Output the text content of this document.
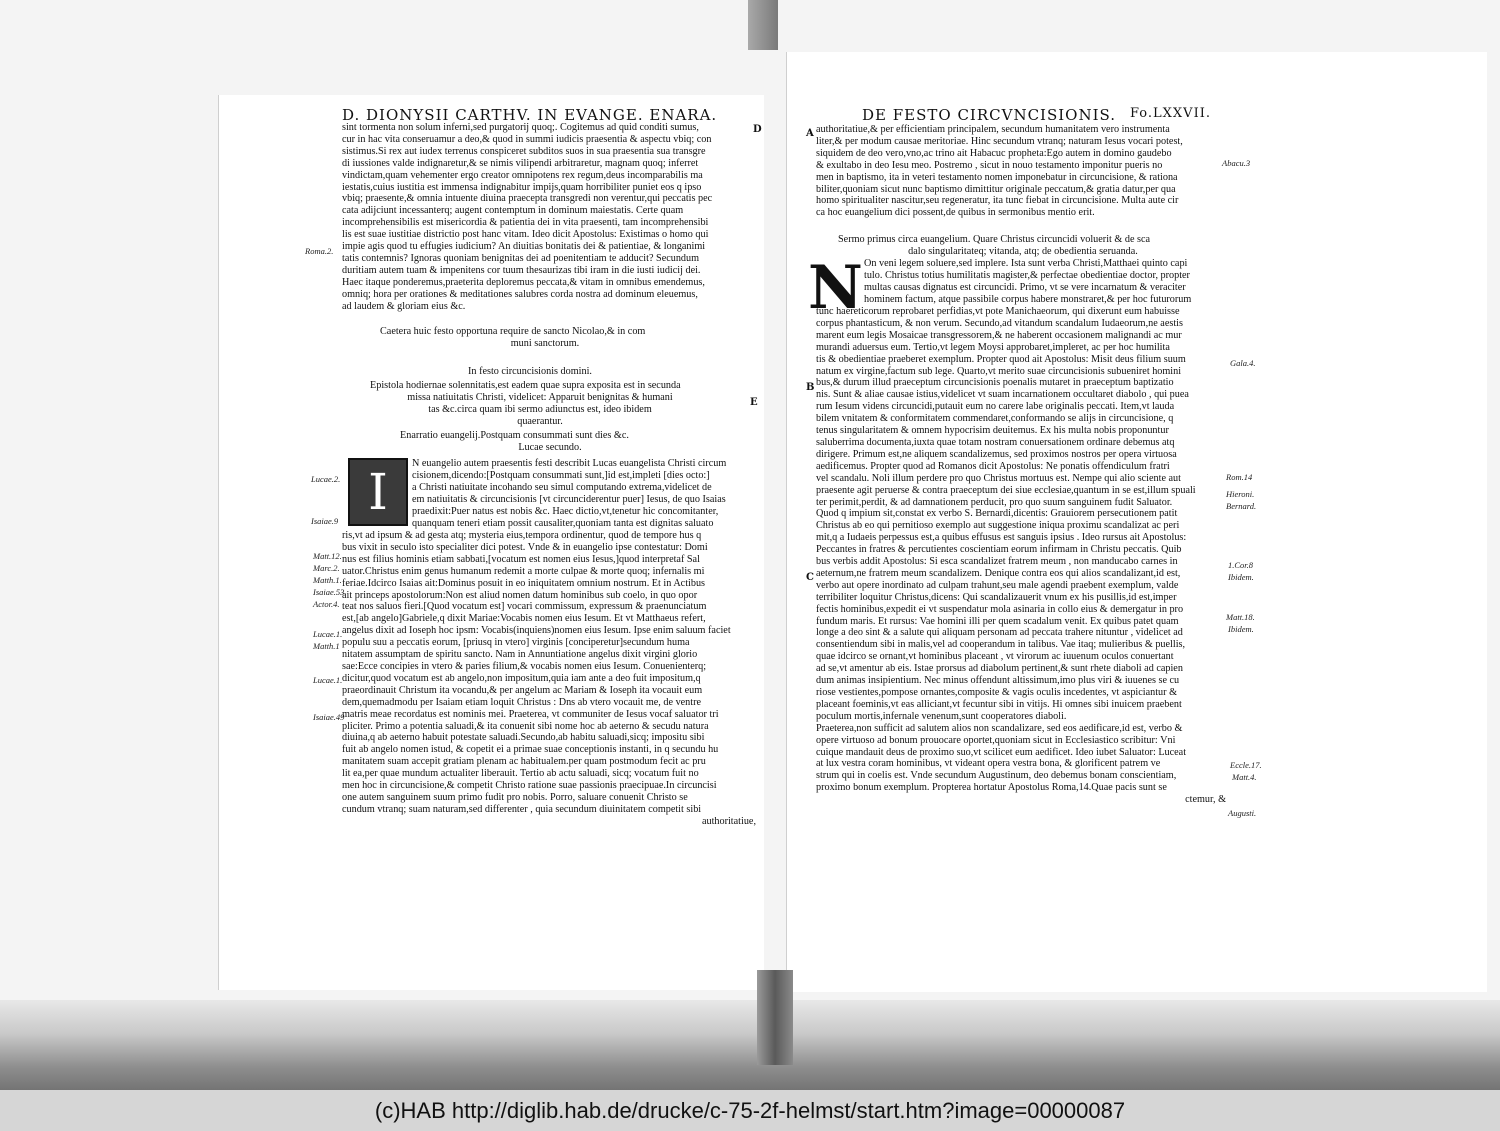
D. DIONYSII CARTHV. IN EVANGE. ENARA.
D
E
sint tormenta non solum inferni,sed purgatorij quoq;. Cogitemus ad quid conditi sumus,
cur in hac vita conseruamur a deo,& quod in summi iudicis praesentia & aspectu vbiq; con
sistimus.Si rex aut iudex terrenus conspiceret subditos suos in sua praesentia sua transgre
di iussiones valde indignaretur,& se nimis vilipendi arbitraretur, magnam quoq; inferret
vindictam,quam vehementer ergo creator omnipotens rex regum,deus incomparabilis ma
iestatis,cuius iustitia est immensa indignabitur impijs,quam horribiliter puniet eos q ipso
vbiq; praesente,& omnia intuente diuina praecepta transgredi non verentur,qui peccatis pec
cata adijciunt incessanterq; augent contemptum in dominum maiestatis. Certe quam
incomprehensibilis est misericordia & patientia dei in vita praesenti, tam incomprehensibi
lis est suae iustitiae districtio post hanc vitam. Ideo dicit Apostolus: Existimas o homo qui
impie agis quod tu effugies iudicium? An diuitias bonitatis dei & patientiae, & longanimi
tatis contemnis? Ignoras quoniam benignitas dei ad poenitentiam te adducit? Secundum
duritiam autem tuam & impenitens cor tuum thesaurizas tibi iram in die iusti iudicij dei.
Haec itaque ponderemus,praeterita deploremus peccata,& vitam in omnibus emendemus,
omniq; hora per orationes & meditationes salubres corda nostra ad dominum eleuemus,
ad laudem & gloriam eius &c.
Caetera huic festo opportuna require de sancto Nicolao,& in com
muni sanctorum.
In festo circuncisionis domini.
Epistola hodiernae solennitatis,est eadem quae supra exposita est in secunda
missa natiuitatis Christi, videlicet: Apparuit benignitas & humani
tas &c.circa quam ibi sermo adiunctus est, ideo ibidem
quaerantur.
Enarratio euangelij.Postquam consummati sunt dies &c.
Lucae secundo.
I	N euangelio autem praesentis festi describit Lucas euangelista Christi circum
cisionem,dicendo:[Postquam consummati sunt,]id est,impleti [dies octo:]
a Christi natiuitate incohando seu simul computando extrema,videlicet de
em natiuitatis & circuncisionis [vt circunciderentur puer] Iesus, de quo Isaias
praedixit:Puer natus est nobis &c. Haec dictio,vt,tenetur hic concomitanter,
quanquam teneri etiam possit causaliter,quoniam tanta est dignitas saluato
ris,vt ad ipsum & ad gesta atq; mysteria eius,tempora ordinentur, quod de tempore hus q
bus vixit in seculo isto specialiter dici potest. Vnde & in euangelio ipse contestatur: Domi
nus est filius hominis etiam sabbati,[vocatum est nomen eius Iesus,]quod interpretaf Sal
uator.Christus enim genus humanum redemit a morte culpae & morte quoq; infernalis mi
feriae.Idcirco Isaias ait:Dominus posuit in eo iniquitatem omnium nostrum. Et in Actibus
ait princeps apostolorum:Non est aliud nomen datum hominibus sub coelo, in quo opor
teat nos saluos fieri.[Quod vocatum est] vocari commissum, expressum & praenunciatum
est,[ab angelo]Gabriele,q dixit Mariae:Vocabis nomen eius Iesum. Et vt Matthaeus refert,
angelus dixit ad Ioseph hoc ipsm: Vocabis(inquiens)nomen eius Iesum. Ipse enim saluum faciet
populu suu a peccatis eorum, [priusq in vtero] virginis [conciperetur]secundum huma
nitatem assumptam de spiritu sancto. Nam in Annuntiatione angelus dixit virgini glorio
sae:Ecce concipies in vtero & paries filium,& vocabis nomen eius Iesum. Conuenienterq;
dicitur,quod vocatum est ab angelo,non impositum,quia iam ante a deo fuit impositum,q
praeordinauit Christum ita vocandu,& per angelum ac Mariam & Ioseph ita vocauit eum
dem,quemadmodu per Isaiam etiam loquit Christus : Dns ab vtero vocauit me, de ventre
matris meae recordatus est nominis mei. Praeterea, vt communiter de Iesus vocaf saluator tri
pliciter. Primo a potentia saluadi,& ita conuenit sibi nome hoc ab aeterno & secudu natura
diuina,q ab aeterno habuit potestate saluadi.Secundo,ab habitu saluadi,sicq; impositu sibi
fuit ab angelo nomen istud, & copetit ei a primae suae conceptionis instanti, in q secundu hu
manitatem suam accepit gratiam plenam ac habitualem.per quam postmodum fecit ac pru
lit ea,per quae mundum actualiter liberauit. Tertio ab actu saluadi, sicq; vocatum fuit no
men hoc in circuncisione,& competit Christo ratione suae passionis praecipuae.In circuncisi
one autem sanguinem suum primo fudit pro nobis. Porro, saluare conuenit Christo se
cundum vtranq; suam naturam,sed differenter , quia secundum diuinitatem competit sibi
authoritatiue,
Roma.2.
Lucae.2.
Isaiae.9
Matt.12.
Marc.2.
Matth.1.
Isaiae.53.
Actor.4.
Lucae.1.
Matth.1
Lucae.1.
Isaiae.49
DE FESTO CIRCVNCISIONIS. Fo.LXXVII.
A
B
C
authoritatiue,& per efficientiam principalem, secundum humanitatem vero instrumenta
liter,& per modum causae meritoriae. Hinc secundum vtranq; naturam Iesus vocari potest,
siquidem de deo vero,vno,ac trino ait Habacuc propheta:Ego autem in domino gaudebo
& exultabo in deo Iesu meo. Postremo , sicut in nouo testamento imponitur pueris no
men in baptismo, ita in veteri testamento nomen imponebatur in circuncisione, & rationa
biliter,quoniam sicut nunc baptismo dimittitur originale peccatum,& gratia datur,per qua
homo spiritualiter nascitur,seu regeneratur, ita tunc fiebat in circuncisione. Multa aute cir
ca hoc euangelium dici possent,de quibus in sermonibus mentio erit.
Sermo primus circa euangelium. Quare Christus circuncidi voluerit & de sca
dalo singularitateq; vitanda, atq; de obedientia seruanda.
N On veni legem soluere,sed implere. Ista sunt verba Christi,Matthaei quinto capi
tulo. Christus totius humilitatis magister,& perfectae obedientiae doctor, propter
multas causas dignatus est circuncidi. Primo, vt se vere incarnatum & veraciter
hominem factum, atque passibile corpus habere monstraret,& per hoc futurorum
tunc haereticorum reprobaret perfidias,vt pote Manichaeorum, qui dixerunt eum habuisse
corpus phantasticum, & non verum. Secundo,ad vitandum scandalum Iudaeorum,ne aestis
marent eum legis Mosaicae transgressorem,& ne haberent occasionem malignandi ac mur
murandi aduersus eum. Tertio,vt legem Moysi approbaret,impleret, ac per hoc humilita
tis & obedientiae praeberet exemplum. Propter quod ait Apostolus: Misit deus filium suum
natum ex virgine,factum sub lege. Quarto,vt merito suae circuncisionis subueniret homini
bus,& durum illud praeceptum circuncisionis poenalis mutaret in praeceptum baptizatio
nis. Sunt & aliae causae istius,videlicet vt suam incarnationem occultaret diabolo , qui puea
rum Iesum videns circuncidi,putauit eum no carere labe originalis peccati. Item,vt lauda
bilem vnitatem & conformitatem commendaret,conformando se alijs in circuncisione, q
tenus singularitatem & omnem hypocrisim deuitemus. Ex his multa nobis proponuntur
saluberrima documenta,iuxta quae totam nostram conuersationem ordinare debemus atq
dirigere. Primum est,ne aliquem scandalizemus, sed proximos nostros per opera virtuosa
aedificemus. Propter quod ad Romanos dicit Apostolus: Ne ponatis offendiculum fratri
vel scandalu. Noli illum perdere pro quo Christus mortuus est. Nempe qui alio sciente aut
praesente agit peruerse & contra praeceptum dei siue ecclesiae,quantum in se est,illum spuali
ter perimit,perdit, & ad damnationem perducit, pro quo suum sanguinem fudit Saluator.
Quod q impium sit,constat ex verbo S. Bernardi,dicentis: Grauiorem persecutionem patit
Christus ab eo qui pernitioso exemplo aut suggestione iniqua proximu scandalizat ac peri
mit,q a Iudaeis perpessus est,a quibus effusus est sanguis ipsius . Ideo rursus ait Apostolus:
Peccantes in fratres & percutientes coscientiam eorum infirmam in Christu peccatis. Quib
bus verbis addit Apostolus: Si esca scandalizet fratrem meum , non manducabo carnes in
aeternum,ne fratrem meum scandalizem. Denique contra eos qui alios scandalizant,id est,
verbo aut opere inordinato ad culpam trahunt,seu male agendi praebent exemplum, valde
terribiliter loquitur Christus,dicens: Qui scandalizauerit vnum ex his pusillis,id est,imper
fectis hominibus,expedit ei vt suspendatur mola asinaria in collo eius & demergatur in pro
fundum maris. Et rursus: Vae homini illi per quem scadalum venit. Ex quibus patet quam
longe a deo sint & a salute qui aliquam personam ad peccata trahere nituntur , videlicet ad
consentiendum sibi in malis,vel ad cooperandum in talibus. Vae itaq; mulieribus & puellis,
quae idcirco se ornant,vt hominibus placeant , vt virorum ac iuuenum oculos conuertant
ad se,vt amentur ab eis. Istae prorsus ad diabolum pertinent,& sunt rhete diaboli ad capien
dum animas insipientium. Nec minus offendunt altissimum,imo plus viri & iuuenes se cu
riose vestientes,pompose ornantes,composite & vagis oculis incedentes, vt aspiciantur &
placeant foeminis,vt eas alliciant,vt fecuntur sibi in vitijs. Hi omnes sibi inuicem praebent
poculum mortis,infernale venenum,sunt cooperatores diaboli.
Praeterea,non sufficit ad salutem alios non scandalizare, sed eos aedificare,id est, verbo &
opere virtuoso ad bonum prouocare oportet,quoniam sicut in Ecclesiastico scribitur: Vni
cuique mandauit deus de proximo suo,vt scilicet eum aedificet. Ideo iubet Saluator: Luceat
at lux vestra coram hominibus, vt videant opera vestra bona, & glorificent patrem ve
strum qui in coelis est. Vnde secundum Augustinum, deo debemus bonam conscientiam,
proximo bonum exemplum. Propterea hortatur Apostolus Roma,14.Quae pacis sunt se
ctemur, &
Abacu.3
Gala.4.
Rom.14
Hieroni.
Bernard.
1.Cor.8
Ibidem.
Matt.18.
Ibidem.
Eccle.17.
Matt.4.
Augusti.
(c)HAB http://diglib.hab.de/drucke/c-75-2f-helmst/start.htm?image=00000087
